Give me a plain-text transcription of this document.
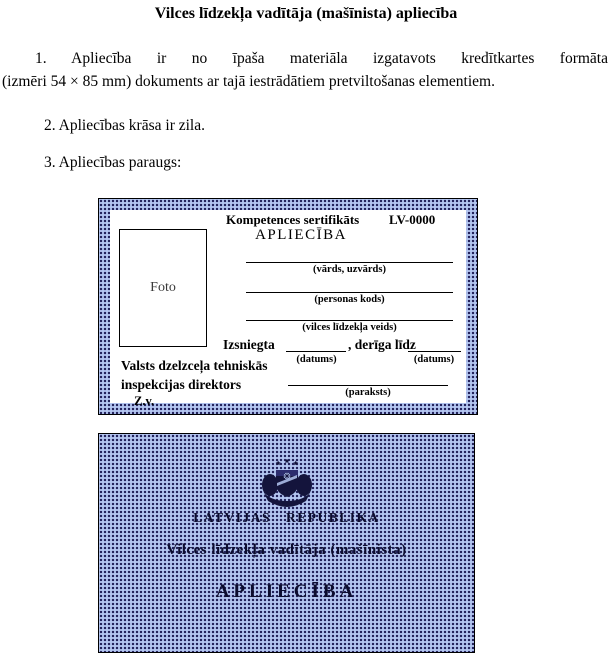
Vilces līdzekļa vadītāja (mašīnista) apliecība
1. Apliecība ir no īpaša materiāla izgatavots kredītkartes formāta
(izmēri 54 × 85 mm) dokuments ar tajā iestrādātiem pretviltošanas elementiem.
2. Apliecības krāsa ir zila.
3. Apliecības paraugs:
Kompetences sertifikāts LV-0000
APLIECĪBA
Foto
(vārds, uzvārds)
(personas kods)
(vilces līdzekļa veids)
Izsniegta	, derīga līdz
(datums)	(datums)
Valsts dzelzceļa tehniskās
inspekcijas direktors
Z.v.
(paraksts)
LATVIJAS REPUBLIKA
Vilces līdzekļa vadītāja (mašīnista)
APLIECĪBA
